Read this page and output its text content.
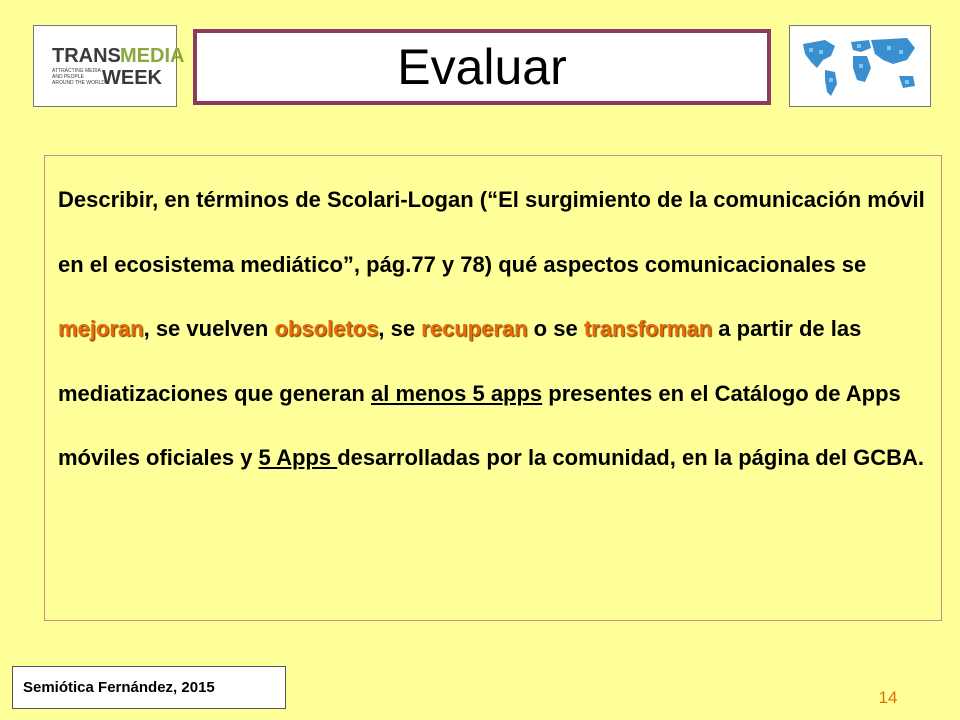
TRANS MEDIA
WEEK
ATTRACTING MEDIA
AND PEOPLE
AROUND THE WORLD	Evaluar
Describir, en términos de Scolari-Logan (“El surgimiento de la comunicación móvil en el ecosistema mediático”, pág.77 y 78) qué aspectos comunicacionales se mejoran, se vuelven obsoletos, se recuperan o se transforman a partir de las mediatizaciones que generan al menos 5 apps presentes en el Catálogo de Apps móviles oficiales y 5 Apps desarrolladas por la comunidad, en la página del GCBA.
Semiótica Fernández, 2015
14
